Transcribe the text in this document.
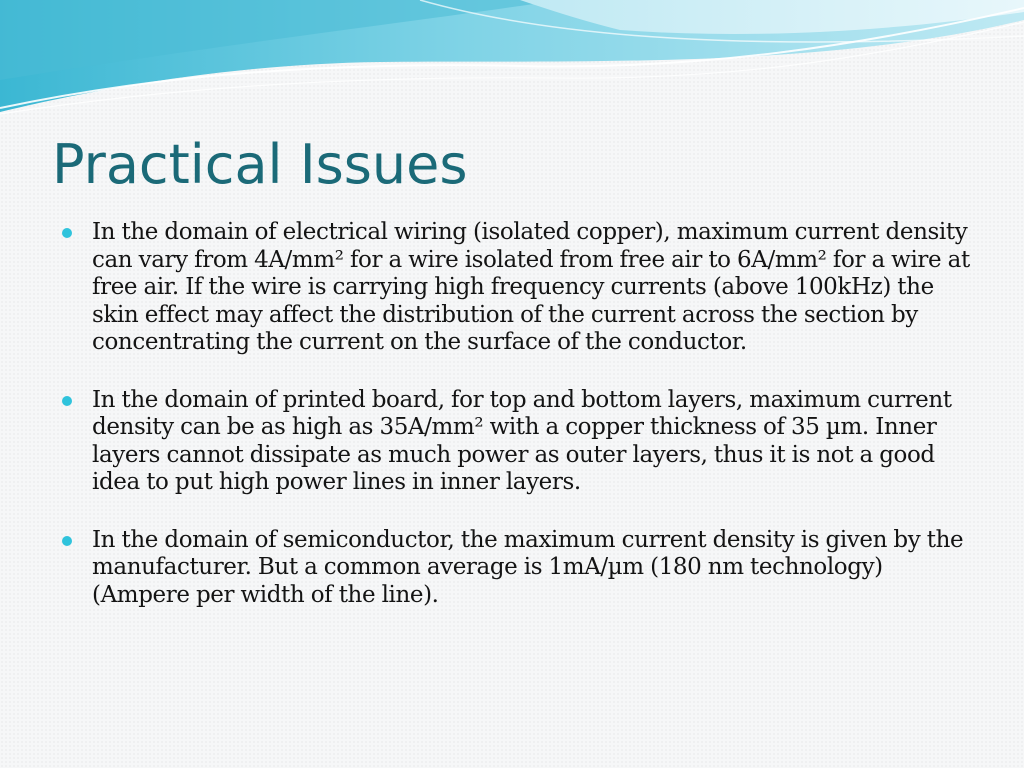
Practical Issues
In the domain of electrical wiring (isolated copper), maximum current density can vary from 4A/mm² for a wire isolated from free air to 6A/mm² for a wire at free air. If the wire is carrying high frequency currents (above 100kHz) the skin effect may affect the distribution of the current across the section by concentrating the current on the surface of the conductor.
In the domain of printed board, for top and bottom layers, maximum current density can be as high as 35A/mm² with a copper thickness of 35 µm. Inner layers cannot dissipate as much power as outer layers, thus it is not a good idea to put high power lines in inner layers.
In the domain of semiconductor, the maximum current density is given by the manufacturer. But a common average is 1mA/µm (180 nm technology) (Ampere per width of the line).
